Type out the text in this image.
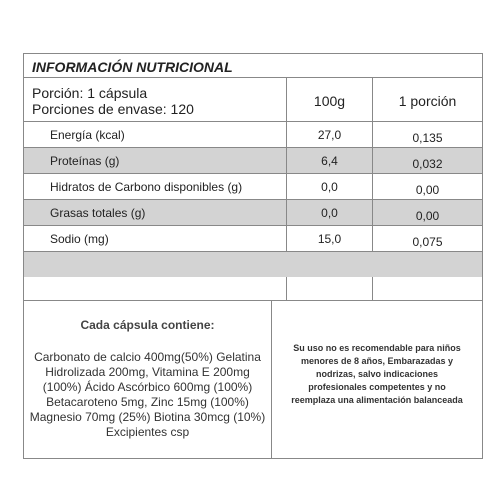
INFORMACIÓN NUTRICIONAL
Porción: 1 cápsula
Porciones de envase: 120	100g	1 porción
Energía (kcal)	27,0	0,135
Proteínas (g)	6,4	0,032
Hidratos de Carbono disponibles (g)	0,0	0,00
Grasas totales (g)	0,0	0,00
Sodio (mg)	15,0	0,075
Cada cápsula contiene:
Carbonato de calcio 400mg(50%) Gelatina Hidrolizada 200mg, Vitamina E 200mg (100%) Ácido Ascórbico 600mg (100%) Betacaroteno 5mg, Zinc 15mg (100%) Magnesio 70mg (25%) Biotina 30mcg (10%) Excipientes csp
Su uso no es recomendable para niños menores de 8 años, Embarazadas y nodrizas, salvo indicaciones profesionales competentes y no reemplaza una alimentación balanceada
